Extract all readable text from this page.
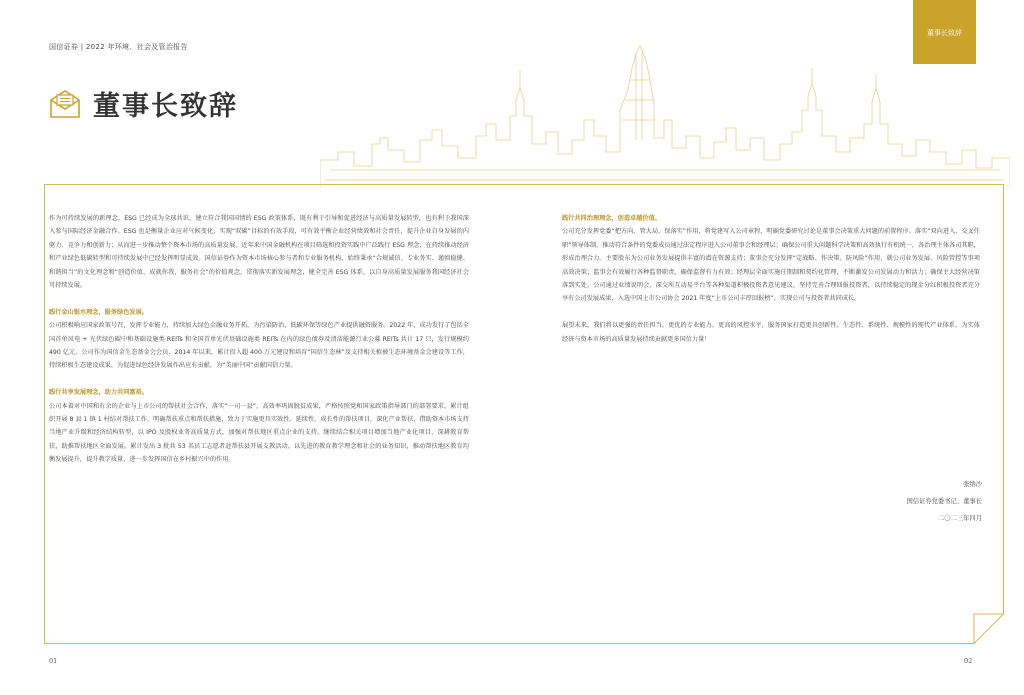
国信证券 | 2022 年环境、社会及管治报告
董事长致辞
董事长致辞

作为可持续发展的新理念，ESG 已经成为全球共识，建立符合我国国情的 ESG 政策体系，既有利于引导和促进经济与高质量发展转型，也有利于我国深入参与国际经济金融合作。ESG 也是衡量企业应对气候变化、实现“双碳”目标的有效手段，可有效平衡企业经营绩效和社会责任，提升企业自身发展的内驱力、竞争力和创新力；从而进一步推动整个资本市场的高质量发展。近年来中国金融机构在项目筛选和投资实践中广泛践行 ESG 理念，在持续推动经济和产业绿色低碳转型和可持续发展中已经发挥明显成效。国信证券作为资本市场核心参与者和专业服务机构，始终秉承“合规诚信、专业务实、谨慎稳健、和谐担当”的文化理念和“创造价值、成就你我、服务社会”的价值观念，贯彻落实新发展理念，健全完善 ESG 体系，以自身高质量发展服务我国经济社会可持续发展。

践行金山银水理念，服务绿色发展。
公司积极响应国家政策号召，发挥专业能力，持续加大绿色金融业务开拓，为污染防治、低碳环保等绿色产业提供融资服务。2022 年，成功发行了包括全国首单风电 + 光伏绿色碳中和基础设施类 REITs 和全国首单光伏基础设施类 REITs 在内的绿色债券及清洁能源行业公募 REITs 共计 17 只，发行规模约 490 亿元。公司作为国信金生态基金会会员，2014 年以来，累计投入超 400 万元建设和培育“国信生态林”及支持相关植被生态环境基金会建设等工作，持续积极生态建设成果，为促进绿色经济发展作出应有贡献，为“美丽中国”贡献国信力量。

践行共享发展理念，助力共同富裕。
公司本着对中国和有余的企业与上市公司的帮扶社会合作，落实“一司一县”，高效率巩固脱贫成果，严格按照党和国家政策指导部门的部署要求，累计组织开展 8 县 1 镇 1 村结对帮扶工作，明确帮扶重点和帮扶措施，致力于实施更具实效性、延续性、成长性的帮扶项目，深化产业帮扶，借助资本市场支持当地产业升级和经济结构转型，以 IPO 及股权业务高质量方式，加强对帮扶地区重点企业的支持，继续结合相关项目增加当地产业化项目，深耕教育帮扶，助推帮扶地区全面发展。累计发出 3 批共 53 名员工志愿者赴帮扶县开展支教活动，以先进的教育教学理念和社会的业务知识，推动帮扶地区教育均衡发展提升，提升教学质量，进一步发挥国信在乡村振兴中的作用。

践行共同治理理念，创造卓越价值。
公司充分发挥党委“把方向、管大局、保落实”作用，将党建写入公司章程，明确党委研究讨论是董事会决策重大问题的前置程序。落实“双向进入、交叉任职”领导体制，推动符合条件的党委成员通过法定程序进入公司董事会和经理层；确保公司重大问题科学决策和高效执行有机统一，各治理主体各司其职，形成治理合力。主要股东为公司业务发展提供丰富的潜在资源支持；董事会充分发挥“定战略、作决策、防风险”作用，就公司业务发展、风险管控等事项高效决策；监事会有效履行各种监督职责，确保监督有力有效；经理层全面实施任期制和契约化管理，不断激发公司发展动力和活力；确保主大经营决策落到实处。公司通过业绩说明会、深交所互动易平台等各种渠道积极投资者意见建议，坚持完善合理回报投资者，以持续稳定的现金分红积极投资者充分享有公司发展成果，入选中国上市公司协会 2021 年度“上市公司丰厚回报榜”，实现公司与投资者共同成长。

展望未来，我们将以更强的责任担当、更优的专业能力、更高的风控水平，服务国家打造更具创新性、生态性、系统性、规模性的现代产业体系，为实体经济与资本市场的高质量发展持续贡献更多国信力量！

张纳沙
国信证券党委书记、董事长
二〇二三年四月
01	02
